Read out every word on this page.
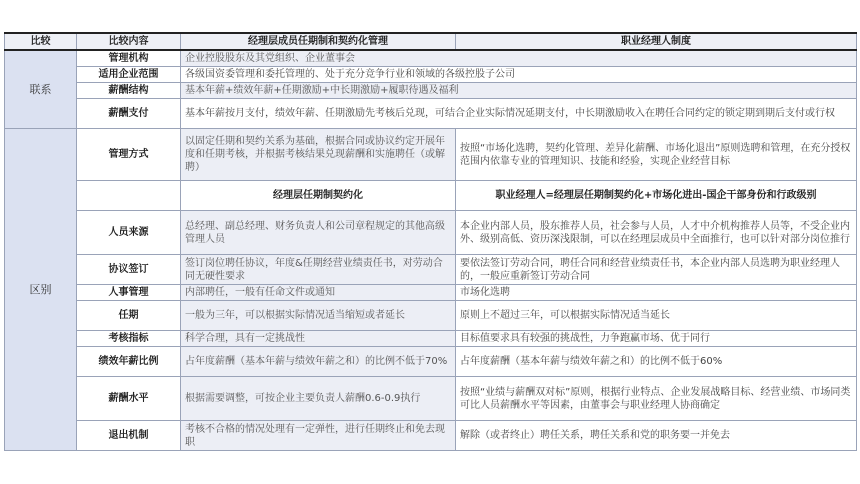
比较	比较内容	经理层成员任期制和契约化管理	职业经理人制度
联系	管理机构	企业控股股东及其党组织、企业董事会	
	适用企业范围	各级国资委管理和委托管理的、处于充分竞争行业和领域的各级控股子公司	
	薪酬结构	基本年薪+绩效年薪+任期激励+中长期激励+履职待遇及福利	
	薪酬支付	基本年薪按月支付，绩效年薪、任期激励先考核后兑现，可结合企业实际情况延期支付，中长期激励收入在聘任合同约定的锁定期到期后支付或行权	
区别	管理方式	以固定任期和契约关系为基础，根据合同或协议约定开展年度和任期考核，并根据考核结果兑现薪酬和实施聘任（或解聘）	按照“市场化选聘，契约化管理、差异化薪酬、市场化退出”原则选聘和管理，在充分授权范围内依靠专业的管理知识、技能和经验，实现企业经营目标
		经理层任期制契约化	职业经理人=经理层任期制契约化+市场化进出-国企干部身份和行政级别
	人员来源	总经理、副总经理、财务负责人和公司章程规定的其他高级管理人员	本企业内部人员，股东推荐人员，社会参与人员，人才中介机构推荐人员等，不受企业内外、级别高低、资历深浅限制，可以在经理层成员中全面推行，也可以针对部分岗位推行
	协议签订	签订岗位聘任协议，年度&任期经营业绩责任书，对劳动合同无硬性要求	要依法签订劳动合同，聘任合同和经营业绩责任书，本企业内部人员选聘为职业经理人的，一般应重新签订劳动合同
	人事管理	内部聘任，一般有任命文件或通知	市场化选聘
	任期	一般为三年，可以根据实际情况适当缩短或者延长	原则上不超过三年，可以根据实际情况适当延长
	考核指标	科学合理，具有一定挑战性	目标值要求具有较强的挑战性，力争跑赢市场、优于同行
	绩效年薪比例	占年度薪酬（基本年薪与绩效年薪之和）的比例不低于70%	占年度薪酬（基本年薪与绩效年薪之和）的比例不低于60%
	薪酬水平	根据需要调整，可按企业主要负责人薪酬0.6-0.9执行	按照“业绩与薪酬双对标”原则，根据行业特点、企业发展战略目标、经营业绩、市场同类可比人员薪酬水平等因素，由董事会与职业经理人协商确定
	退出机制	考核不合格的情况处理有一定弹性，进行任期终止和免去现职	解除（或者终止）聘任关系，聘任关系和党的职务要一并免去
